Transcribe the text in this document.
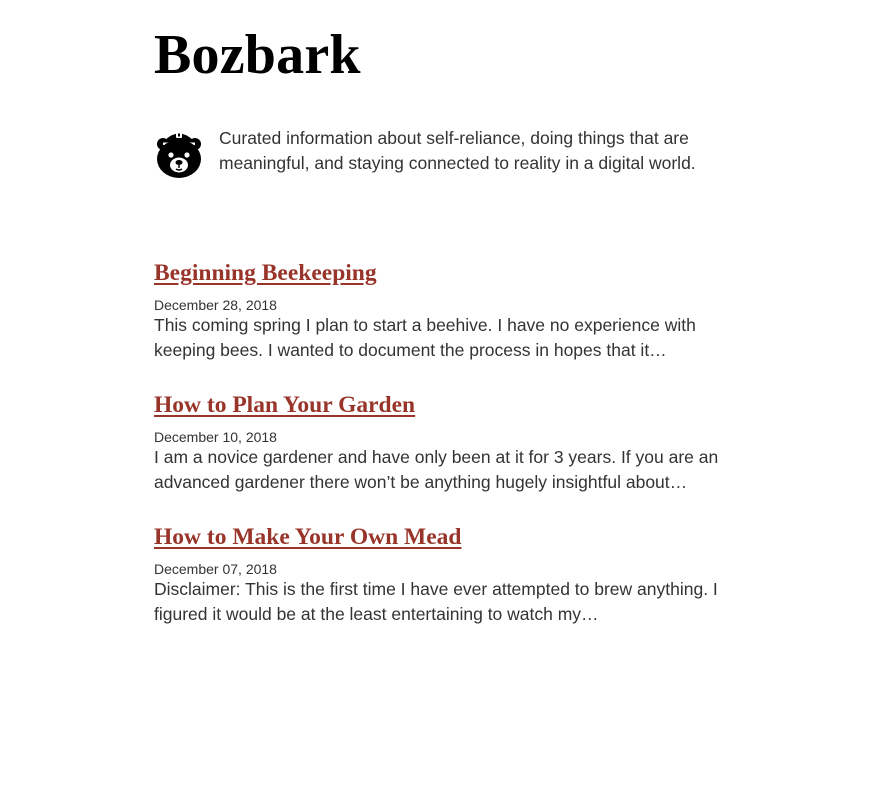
Bozbark

Curated information about self-reliance, doing things that are meaningful, and staying connected to reality in a digital world.

Beginning Beekeeping
December 28, 2018

This coming spring I plan to start a beehive. I have no experience with keeping bees. I wanted to document the process in hopes that it…

How to Plan Your Garden
December 10, 2018

I am a novice gardener and have only been at it for 3 years. If you are an advanced gardener there won’t be anything hugely insightful about…

How to Make Your Own Mead
December 07, 2018

Disclaimer: This is the first time I have ever attempted to brew anything. I figured it would be at the least entertaining to watch my…
